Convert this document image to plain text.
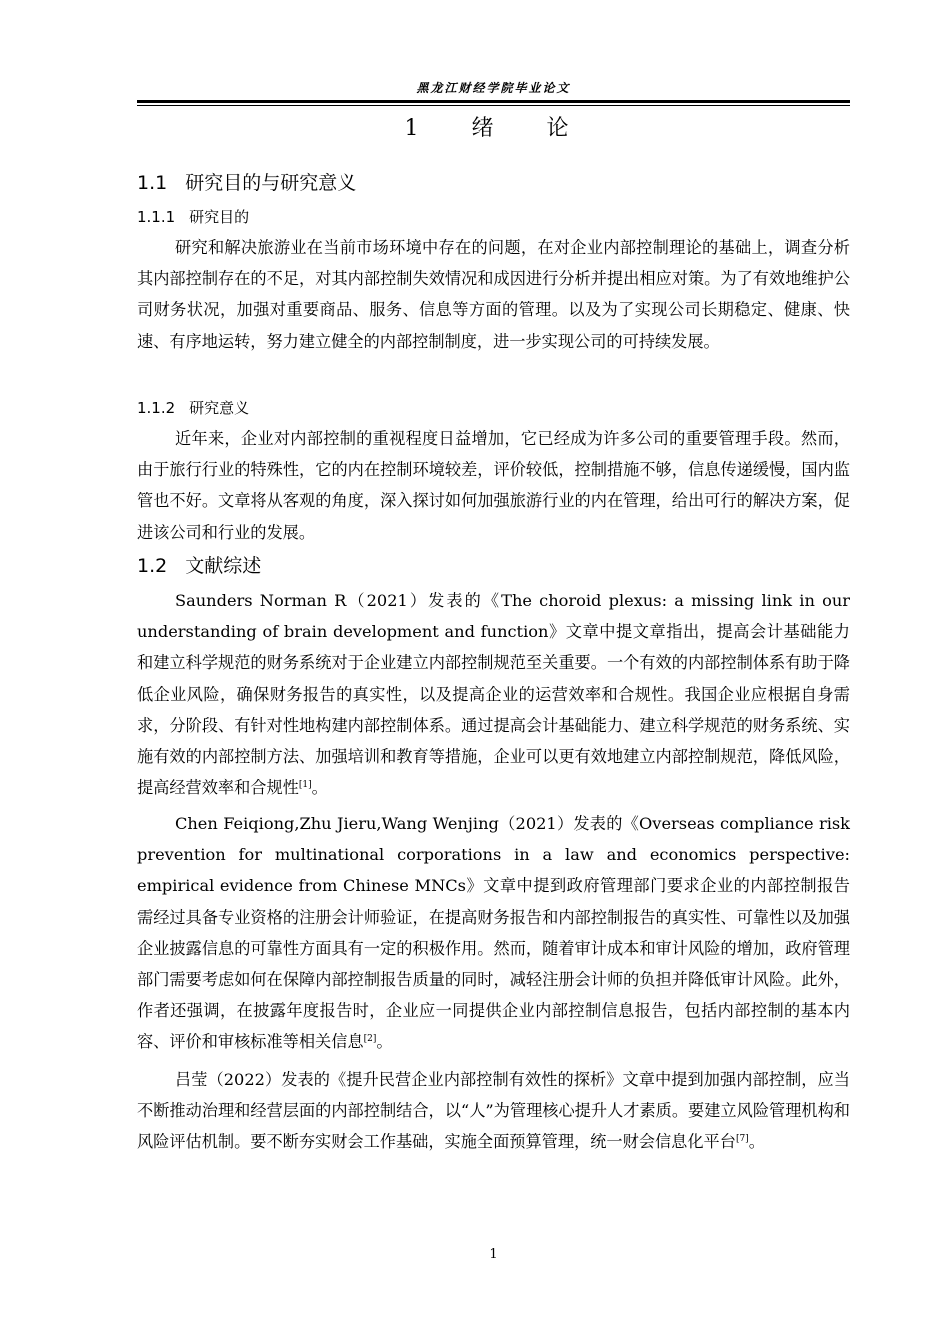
黑龙江财经学院毕业论文
1 绪 论
1.1 研究目的与研究意义
1.1.1 研究目的

研究和解决旅游业在当前市场环境中存在的问题，在对企业内部控制理论的基础上，调查分析其内部控制存在的不足，对其内部控制失效情况和成因进行分析并提出相应对策。为了有效地维护公司财务状况，加强对重要商品、服务、信息等方面的管理。以及为了实现公司长期稳定、健康、快速、有序地运转，努力建立健全的内部控制制度，进一步实现公司的可持续发展。

1.1.2 研究意义

近年来，企业对内部控制的重视程度日益增加，它已经成为许多公司的重要管理手段。然而，由于旅行行业的特殊性，它的内在控制环境较差，评价较低，控制措施不够，信息传递缓慢，国内监管也不好。文章将从客观的角度，深入探讨如何加强旅游行业的内在管理，给出可行的解决方案，促进该公司和行业的发展。

1.2 文献综述

Saunders Norman R（2021）发表的《The choroid plexus: a missing link in our understanding of brain development and function》文章中提文章指出，提高会计基础能力和建立科学规范的财务系统对于企业建立内部控制规范至关重要。一个有效的内部控制体系有助于降低企业风险，确保财务报告的真实性，以及提高企业的运营效率和合规性。我国企业应根据自身需求，分阶段、有针对性地构建内部控制体系。通过提高会计基础能力、建立科学规范的财务系统、实施有效的内部控制方法、加强培训和教育等措施，企业可以更有效地建立内部控制规范，降低风险，提高经营效率和合规性[1]。

Chen Feiqiong,Zhu Jieru,Wang Wenjing（2021）发表的《Overseas compliance risk prevention for multinational corporations in a law and economics perspective: empirical evidence from Chinese MNCs》文章中提到政府管理部门要求企业的内部控制报告需经过具备专业资格的注册会计师验证，在提高财务报告和内部控制报告的真实性、可靠性以及加强企业披露信息的可靠性方面具有一定的积极作用。然而，随着审计成本和审计风险的增加，政府管理部门需要考虑如何在保障内部控制报告质量的同时，减轻注册会计师的负担并降低审计风险。此外，作者还强调，在披露年度报告时，企业应一同提供企业内部控制信息报告，包括内部控制的基本内容、评价和审核标准等相关信息[2]。

吕莹（2022）发表的《提升民营企业内部控制有效性的探析》文章中提到加强内部控制，应当不断推动治理和经营层面的内部控制结合，以“人”为管理核心提升人才素质。要建立风险管理机构和风险评估机制。要不断夯实财会工作基础，实施全面预算管理，统一财会信息化平台[7]。

1
